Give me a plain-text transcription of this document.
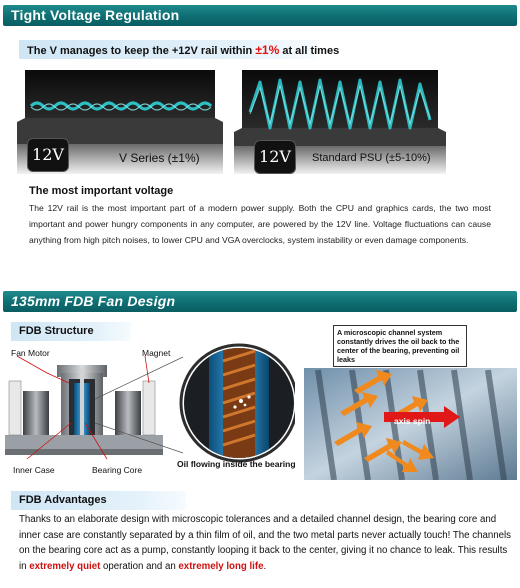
Tight Voltage Regulation
The V manages to keep the +12V rail within ±1% at all times
12V	V Series (±1%)	12V	Standard PSU (±5-10%)
The most important voltage
The 12V rail is the most important part of a modern power supply. Both the CPU and graphics cards, the two most important and power hungry components in any computer, are powered by the 12V line. Voltage fluctuations can cause anything from high pitch noises, to lower CPU and VGA overclocks, system instability or even damage components.
135mm FDB Fan Design
FDB Structure
Fan Motor	Magnet
Inner Case	Bearing Core
Oil flowing inside the bearing
A microscopic channel system constantly drives the oil back to the center of the bearing, preventing oil leaks
axis spin
FDB Advantages
Thanks to an elaborate design with microscopic tolerances and a detailed channel design, the bearing core and inner case are constantly separated by a thin film of oil, and the two metal parts never actually touch! The channels on the bearing core act as a pump, constantly looping it back to the center, giving it no chance to leak. This results in extremely quiet operation and an extremely long life.
